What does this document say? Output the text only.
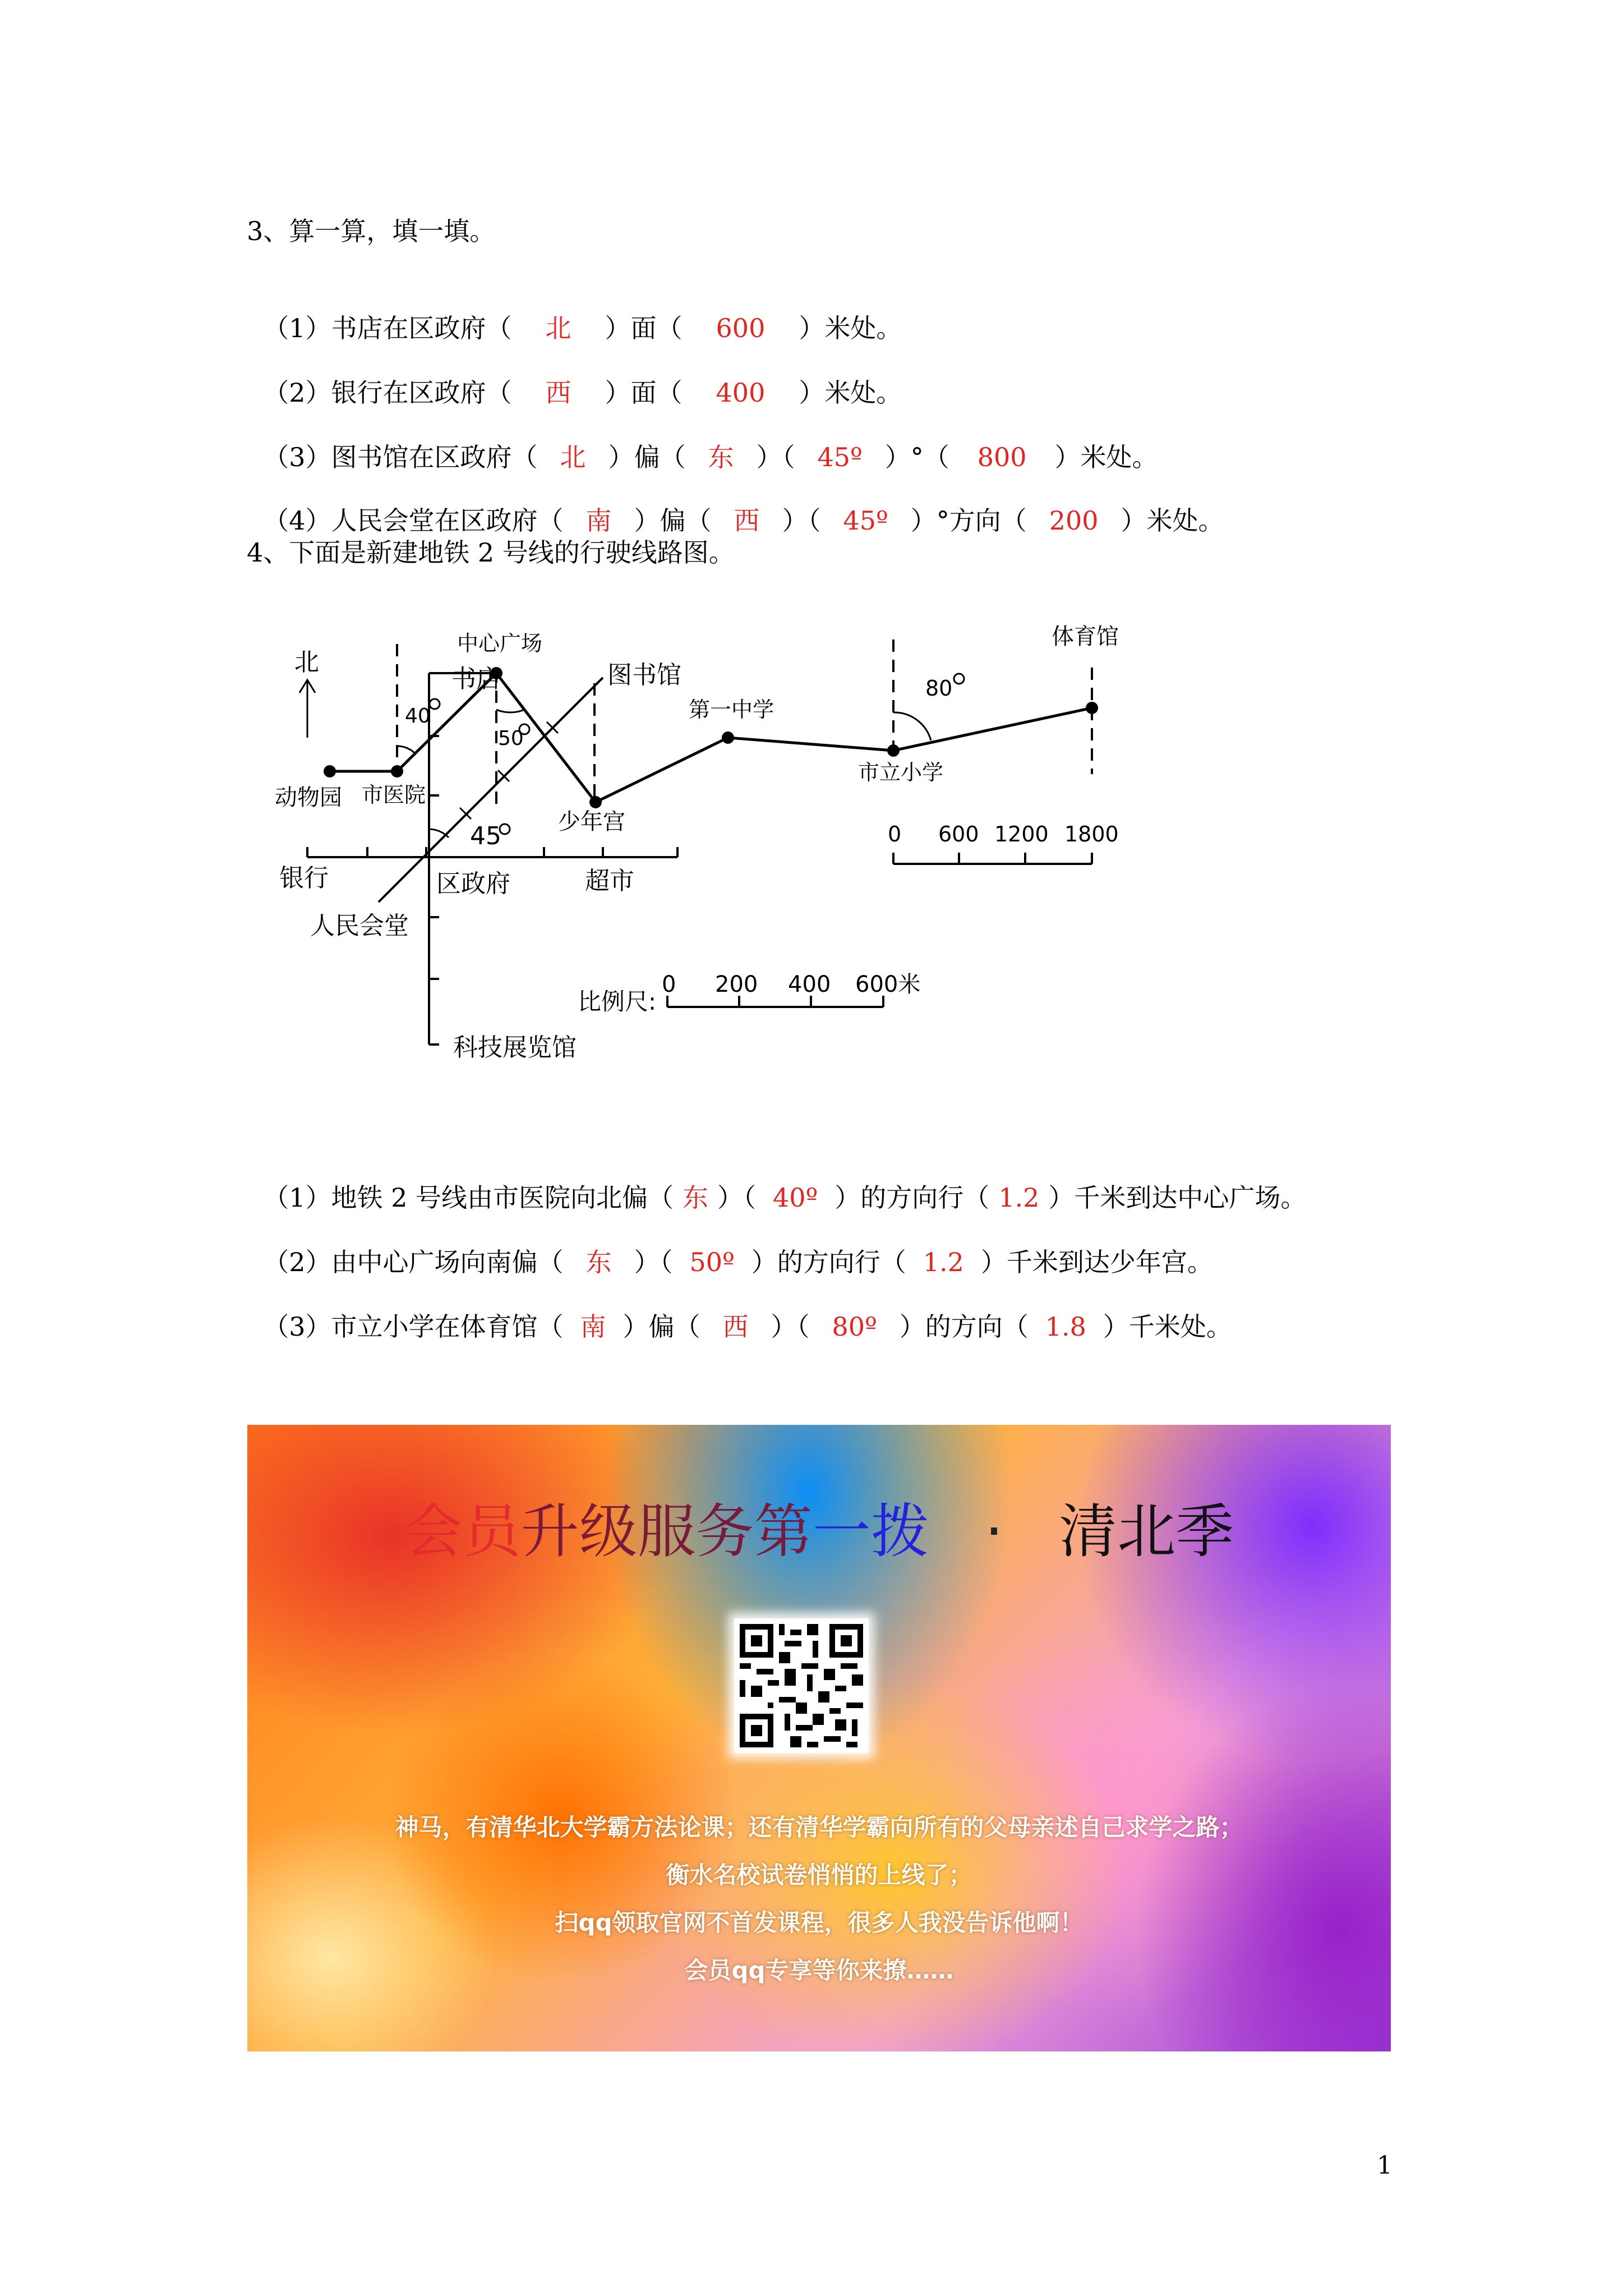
3、算一算，填一填。

（1）书店在区政府（ 北 ）面（ 600 ）米处。

（2）银行在区政府（ 西 ）面（ 400 ）米处。

（3）图书馆在区政府（ 北 ）偏（ 东 ）（ 45º ）°（ 800 ）米处。

（4）人民会堂在区政府（ 南 ）偏（ 西 ）（ 45º ）°方向（ 200 ）米处。

4、下面是新建地铁 2 号线的行驶线路图。
北
动物园 市医院
中心广场
书店	图书馆
第一中学
市立小学
体育馆
少年宫
银行	区政府	超市
人民会堂
科技展览馆
比例尺:
40
50
45
80
0 200 400 600米
0 600 1200 1800

（1）地铁 2 号线由市医院向北偏（ 东 ）（ 40º ）的方向行（ 1.2 ）千米到达中心广场。

（2）由中心广场向南偏（ 东 ）（ 50º ）的方向行（ 1.2 ）千米到达少年宫。

（3）市立小学在体育馆（ 南 ）偏（ 西 ）（ 80º ）的方向（ 1.8 ）千米处。

会员升级服务第一拨 · 清北季
神马，有清华北大学霸方法论课；还有清华学霸向所有的父母亲述自己求学之路；
衡水名校试卷悄悄的上线了；
扫qq领取官网不首发课程，很多人我没告诉他啊！
会员qq专享等你来撩……
1
